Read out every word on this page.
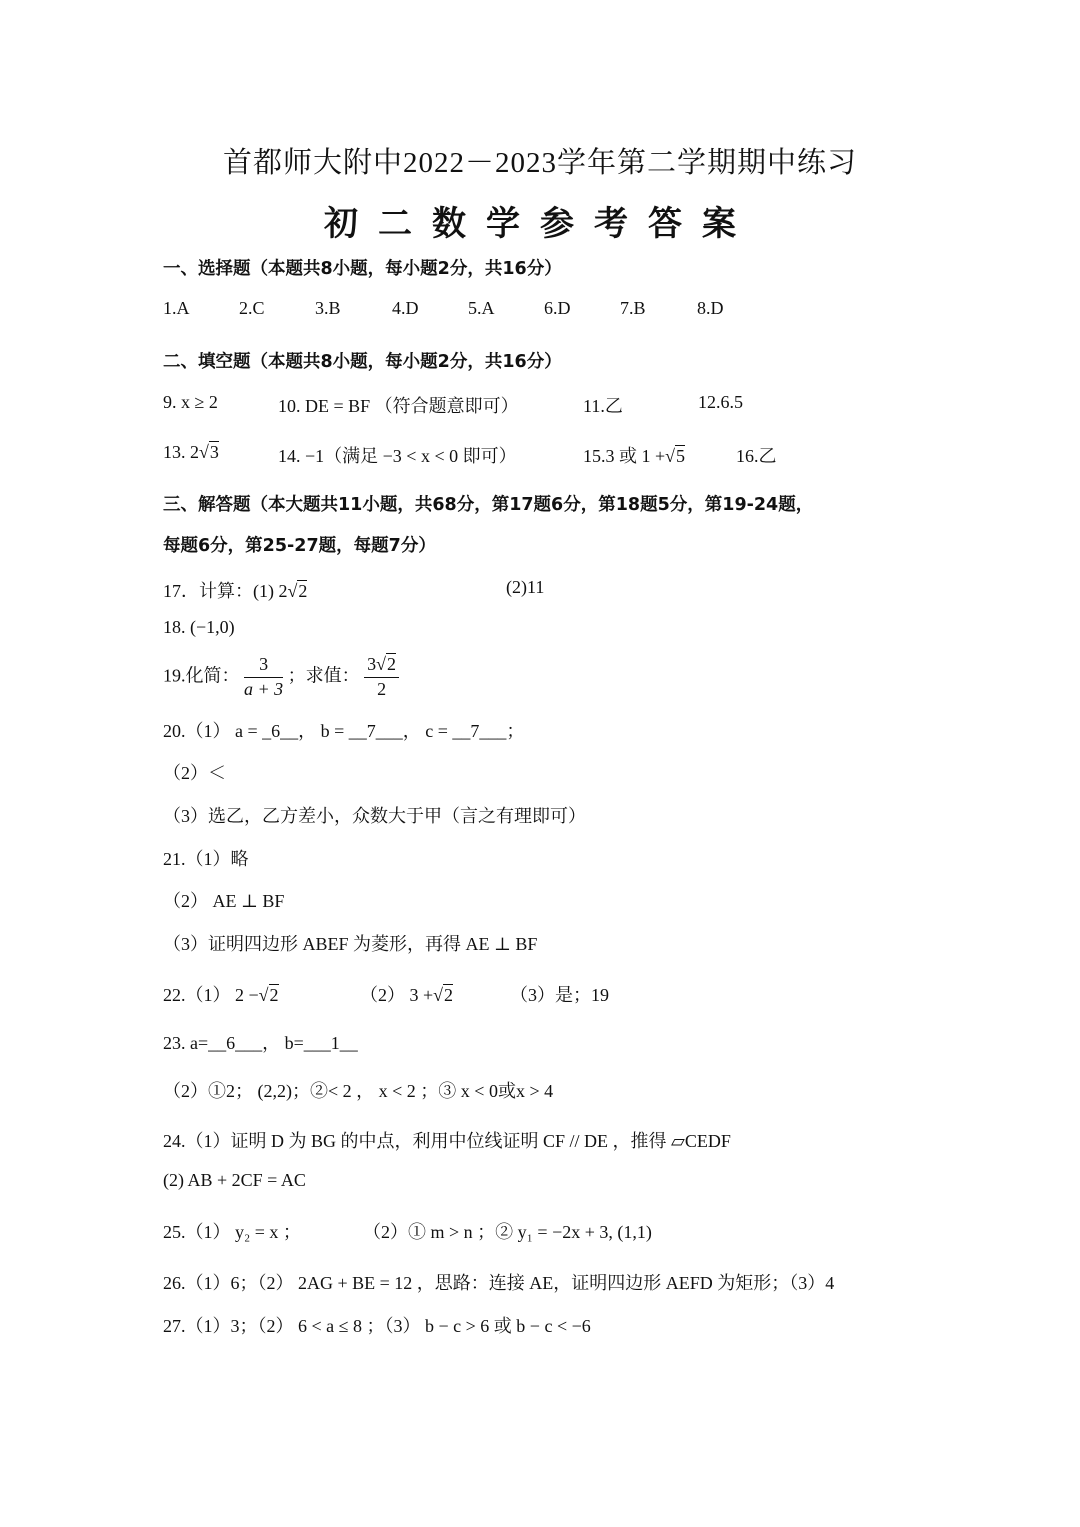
首都师大附中2022－2023学年第二学期期中练习
初二数学参考答案
一、选择题（本题共8小题，每小题2分，共16分）
1.A	2.C	3.B	4.D	5.A	6.D	7.B	8.D
二、填空题（本题共8小题，每小题2分，共16分）
9. x ≥ 2	10. DE = BF （符合题意即可）	11.乙	12.6.5
13. 2√3	14. −1（满足 −3 < x < 0 即可）	15.3 或 1 +√5	16.乙
三、解答题（本大题共11小题，共68分，第17题6分，第18题5分，第19-24题，
每题6分，第25-27题，每题7分）
17．计算：(1) 2√2	(2)11
18. (−1,0)
19.化简： $\frac{3}{a + 3}$ ；求值： $\frac{3√2}{2}$
20.（1） a = _6__， b = __7___， c = __7___；
（2）＜
（3）选乙，乙方差小，众数大于甲（言之有理即可）
21.（1）略
（2） AE ⊥ BF
（3）证明四边形 ABEF 为菱形，再得 AE ⊥ BF
22.（1） 2 −√2	（2） 3 +√2	（3）是；19
23. a=__6___， b=___1__
（2）①2； (2,2)；②< 2 ， x < 2 ；③ x < 0或x > 4
24.（1）证明 D 为 BG 的中点，利用中位线证明 CF // DE ，推得 ▱CEDF
(2) AB + 2CF = AC
25.（1） y₂ = x ；	（2）① m > n ；② y₁ = −2x + 3, (1,1)
26.（1）6；（2） 2AG + BE = 12 ，思路：连接 AE，证明四边形 AEFD 为矩形；（3）4
27.（1）3；（2） 6 < a ≤ 8 ；（3） b − c > 6 或 b − c < −6
